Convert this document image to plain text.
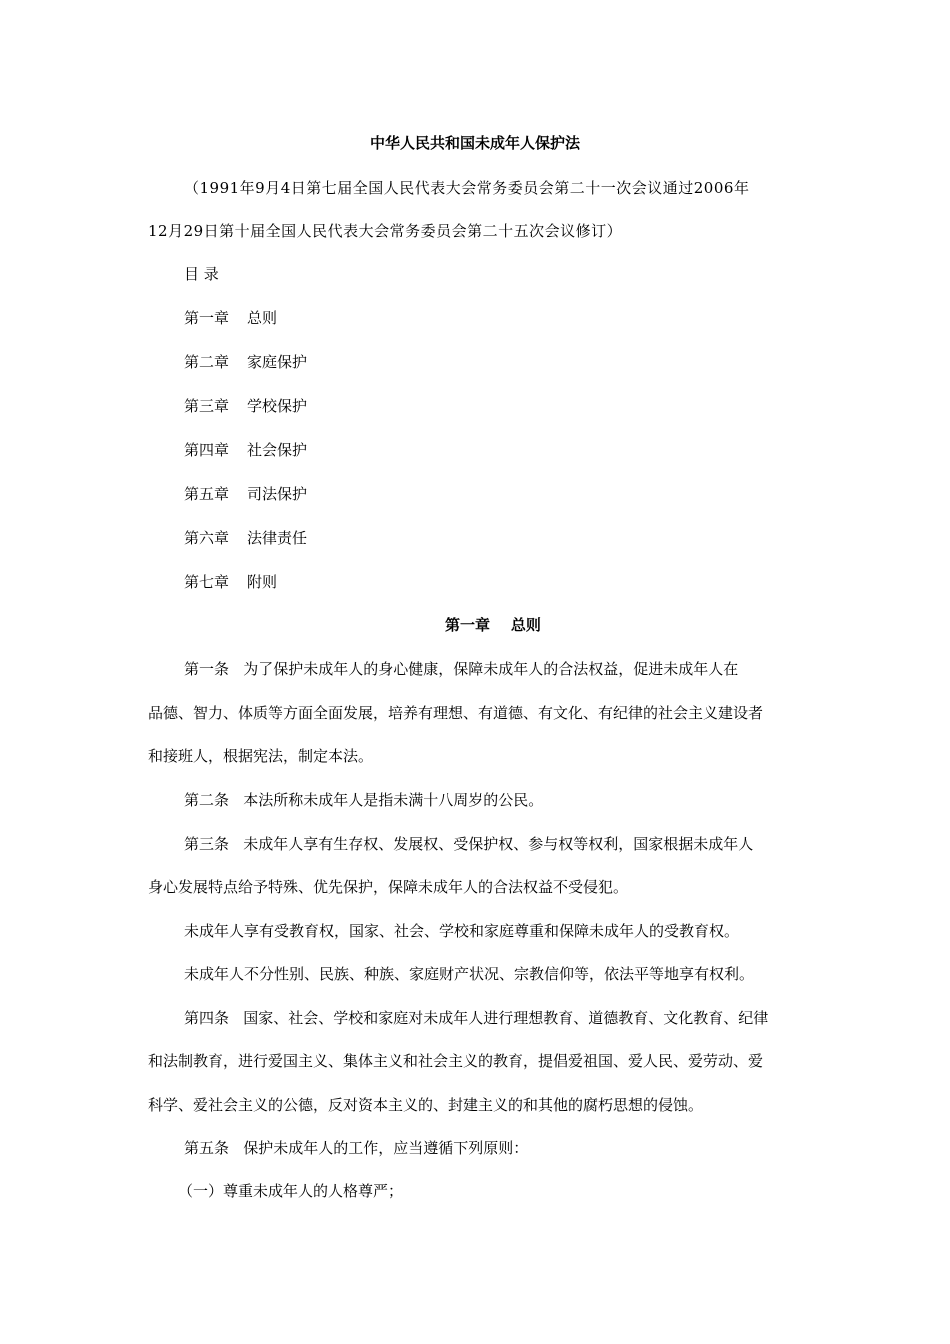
中华人民共和国未成年人保护法
（1991年9月4日第七届全国人民代表大会常务委员会第二十一次会议通过2006年
12月29日第十届全国人民代表大会常务委员会第二十五次会议修订）
目 录
第一章 总则
第二章 家庭保护
第三章 学校保护
第四章 社会保护
第五章 司法保护
第六章 法律责任
第七章 附则
第一章    总则
第一条   为了保护未成年人的身心健康，保障未成年人的合法权益，促进未成年人在
品德、智力、体质等方面全面发展，培养有理想、有道德、有文化、有纪律的社会主义建设者
和接班人，根据宪法，制定本法。
第二条   本法所称未成年人是指未满十八周岁的公民。
第三条   未成年人享有生存权、发展权、受保护权、参与权等权利，国家根据未成年人
身心发展特点给予特殊、优先保护，保障未成年人的合法权益不受侵犯。
未成年人享有受教育权，国家、社会、学校和家庭尊重和保障未成年人的受教育权。
未成年人不分性别、民族、种族、家庭财产状况、宗教信仰等，依法平等地享有权利。
第四条   国家、社会、学校和家庭对未成年人进行理想教育、道德教育、文化教育、纪律
和法制教育，进行爱国主义、集体主义和社会主义的教育，提倡爱祖国、爱人民、爱劳动、爱
科学、爱社会主义的公德，反对资本主义的、封建主义的和其他的腐朽思想的侵蚀。
第五条   保护未成年人的工作，应当遵循下列原则：
（一）尊重未成年人的人格尊严；
